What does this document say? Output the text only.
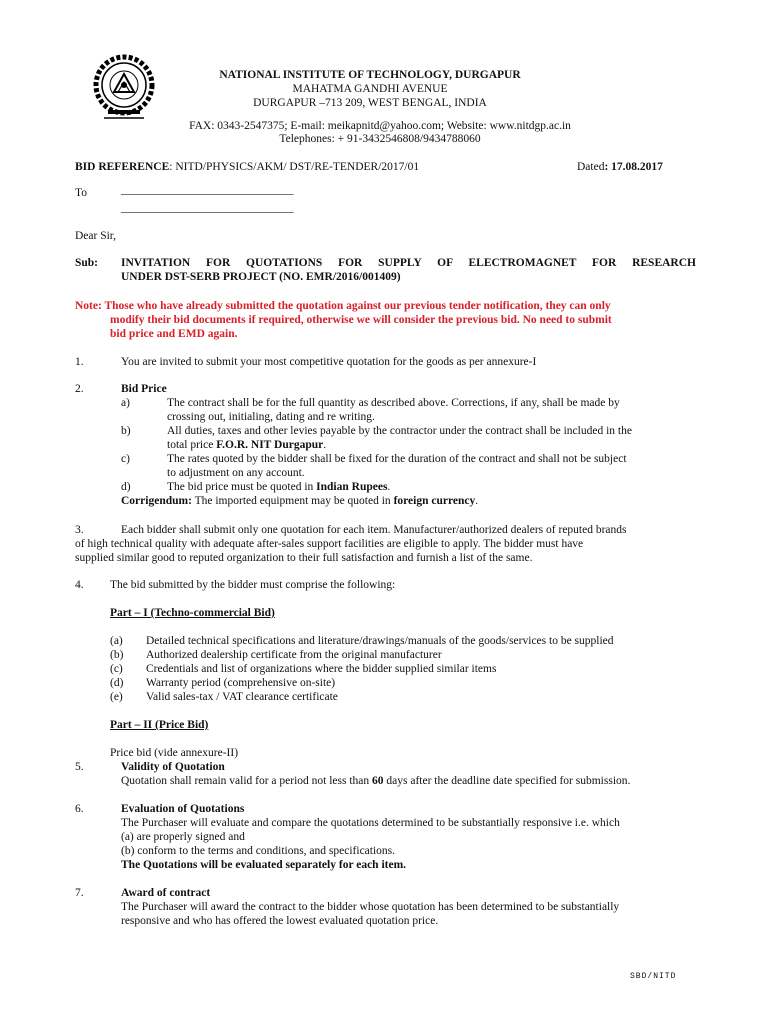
NATIONAL INSTITUTE OF TECHNOLOGY, DURGAPUR
MAHATMA GANDHI AVENUE
DURGAPUR –713 209, WEST BENGAL, INDIA
FAX: 0343-2547375; E-mail: meikapnitd@yahoo.com; Website: www.nitdgp.ac.in
Telephones: + 91-3432546808/9434788060
BID REFERENCE: NITD/PHYSICS/AKM/ DST/RE-TENDER/2017/01	Dated: 17.08.2017
To	______________________________
______________________________
Dear Sir,
Sub: INVITATION FOR QUOTATIONS FOR SUPPLY OF ELECTROMAGNET FOR RESEARCH
UNDER DST-SERB PROJECT (NO. EMR/2016/001409)
Note: Those who have already submitted the quotation against our previous tender notification, they can only
modify their bid documents if required, otherwise we will consider the previous bid. No need to submit
bid price and EMD again.
1.	You are invited to submit your most competitive quotation for the goods as per annexure-I
2.	Bid Price
a)	The contract shall be for the full quantity as described above. Corrections, if any, shall be made by
crossing out, initialing, dating and re writing.
b)	All duties, taxes and other levies payable by the contractor under the contract shall be included in the
total price F.O.R. NIT Durgapur.
c)	The rates quoted by the bidder shall be fixed for the duration of the contract and shall not be subject
to adjustment on any account.
d)	The bid price must be quoted in Indian Rupees.
Corrigendum: The imported equipment may be quoted in foreign currency.
3.	Each bidder shall submit only one quotation for each item. Manufacturer/authorized dealers of reputed brands
of high technical quality with adequate after-sales support facilities are eligible to apply. The bidder must have
supplied similar good to reputed organization to their full satisfaction and furnish a list of the same.
4. The bid submitted by the bidder must comprise the following:
Part – I (Techno-commercial Bid)
(a) Detailed technical specifications and literature/drawings/manuals of the goods/services to be supplied
(b) Authorized dealership certificate from the original manufacturer
(c) Credentials and list of organizations where the bidder supplied similar items
(d) Warranty period (comprehensive on-site)
(e) Valid sales-tax / VAT clearance certificate
Part – II (Price Bid)
Price bid (vide annexure-II)
5.	Validity of Quotation
Quotation shall remain valid for a period not less than 60 days after the deadline date specified for submission.
6.	Evaluation of Quotations
The Purchaser will evaluate and compare the quotations determined to be substantially responsive i.e. which
(a) are properly signed and
(b) conform to the terms and conditions, and specifications.
The Quotations will be evaluated separately for each item.
7.	Award of contract
The Purchaser will award the contract to the bidder whose quotation has been determined to be substantially
responsive and who has offered the lowest evaluated quotation price.
SBD/NITD
